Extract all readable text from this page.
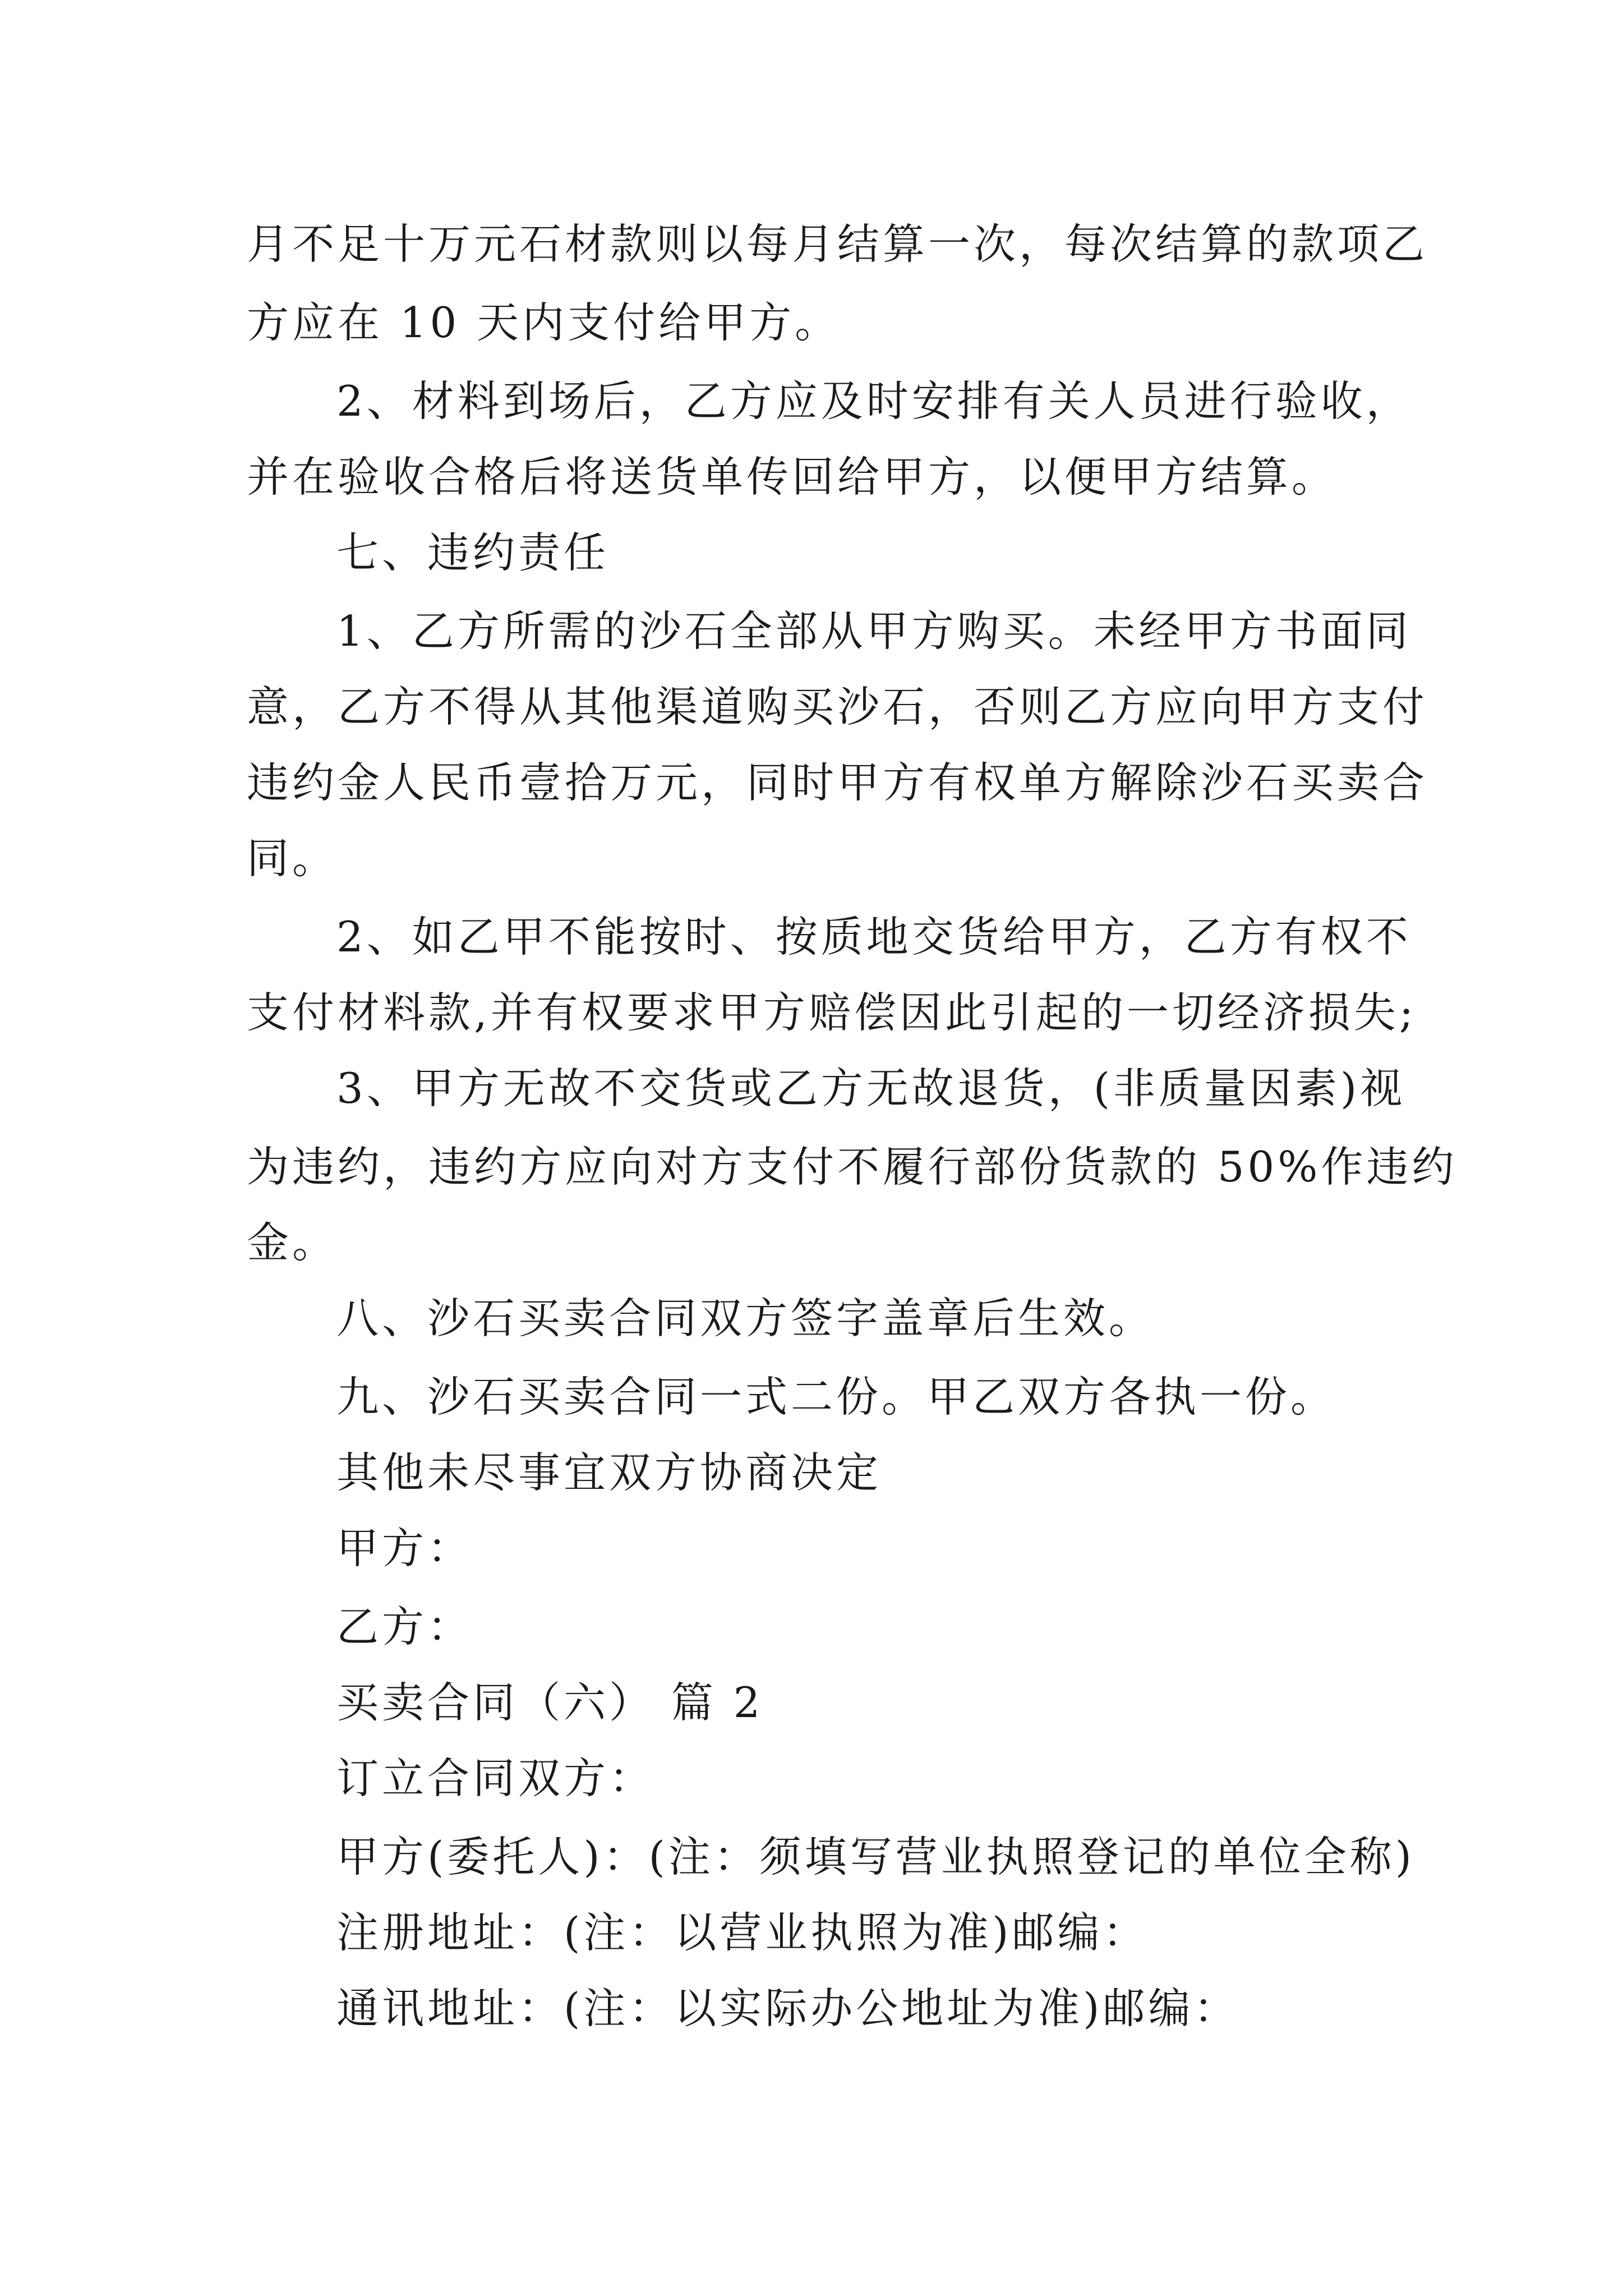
月不足十万元石材款则以每月结算一次，每次结算的款项乙
方应在 10 天内支付给甲方。
2、材料到场后，乙方应及时安排有关人员进行验收，
并在验收合格后将送货单传回给甲方，以便甲方结算。
七、违约责任
1、乙方所需的沙石全部从甲方购买。未经甲方书面同
意，乙方不得从其他渠道购买沙石，否则乙方应向甲方支付
违约金人民币壹拾万元，同时甲方有权单方解除沙石买卖合
同。
2、如乙甲不能按时、按质地交货给甲方，乙方有权不
支付材料款,并有权要求甲方赔偿因此引起的一切经济损失;
3、甲方无故不交货或乙方无故退货，(非质量因素)视
为违约，违约方应向对方支付不履行部份货款的 50%作违约
金。
八、沙石买卖合同双方签字盖章后生效。
九、沙石买卖合同一式二份。甲乙双方各执一份。
其他未尽事宜双方协商决定
甲方：
乙方：
买卖合同（六） 篇 2
订立合同双方：
甲方(委托人)：(注：须填写营业执照登记的单位全称)
注册地址：(注：以营业执照为准)邮编：
通讯地址：(注：以实际办公地址为准)邮编：
